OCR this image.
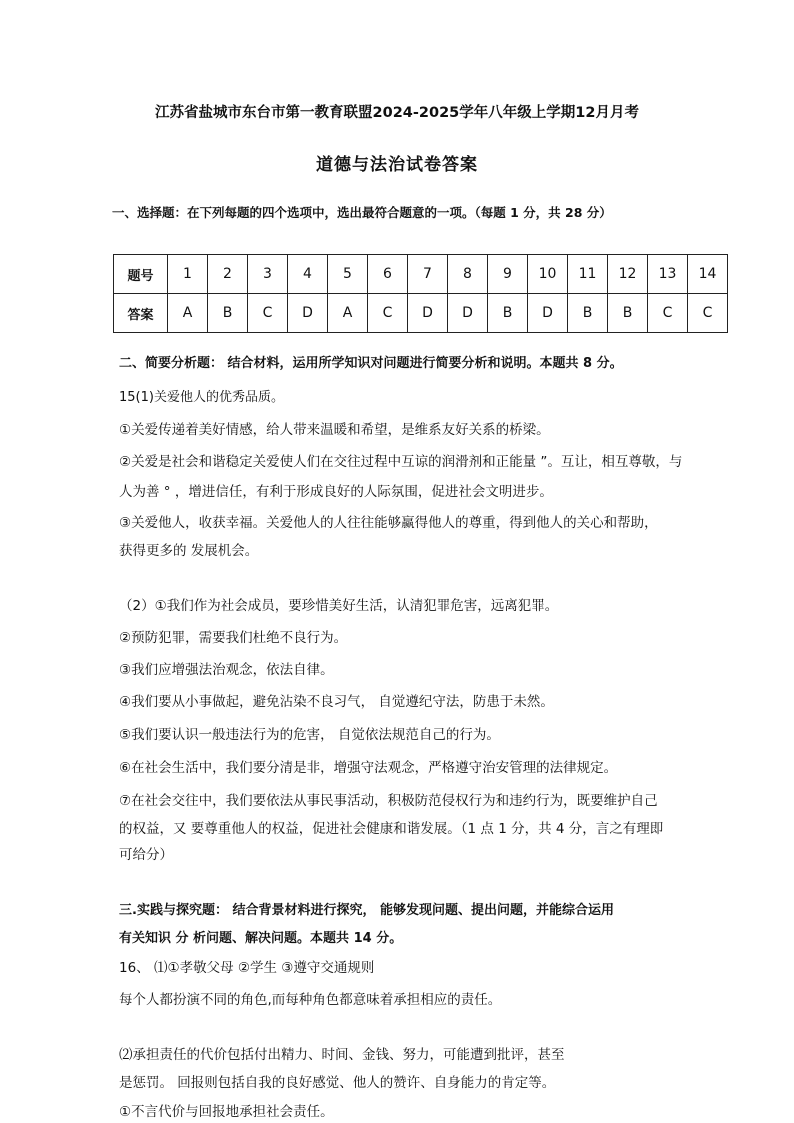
江苏省盐城市东台市第一教育联盟2024-2025学年八年级上学期12月月考
道德与法治试卷答案
一、选择题：在下列每题的四个选项中，选出最符合题意的一项。（每题 1 分，共 28 分）
题号	1	2	3	4	5	6	7	8	9	10	11	12	13	14
答案	A	B	C	D	A	C	D	D	B	D	B	B	C	C
二、简要分析题： 结合材料，运用所学知识对问题进行简要分析和说明。本题共 8 分。
15(1)关爱他人的优秀品质。
①关爱传递着美好情感，给人带来温暖和希望，是维系友好关系的桥梁。
②关爱是社会和谐稳定关爱使人们在交往过程中互谅的润滑剂和正能量 ”。互让，相互尊敬，与
人为善 ° ，增进信任，有利于形成良好的人际氛围，促进社会文明进步。
③关爱他人，收获幸福。关爱他人的人往往能够赢得他人的尊重，得到他人的关心和帮助，
获得更多的 发展机会。
（2）①我们作为社会成员，要珍惜美好生活，认清犯罪危害，远离犯罪。
②预防犯罪，需要我们杜绝不良行为。
③我们应增强法治观念，依法自律。
④我们要从小事做起，避免沾染不良习气， 自觉遵纪守法，防患于未然。
⑤我们要认识一般违法行为的危害， 自觉依法规范自己的行为。
⑥在社会生活中，我们要分清是非，增强守法观念，严格遵守治安管理的法律规定。
⑦在社会交往中，我们要依法从事民事活动，积极防范侵权行为和违约行为，既要维护自己
的权益，又 要尊重他人的权益，促进社会健康和谐发展。（1 点 1 分，共 4 分，言之有理即
可给分）
三.实践与探究题： 结合背景材料进行探究， 能够发现问题、提出问题，并能综合运用
有关知识 分 析问题、解决问题。本题共 14 分。
16、 ⑴①孝敬父母 ②学生 ③遵守交通规则
每个人都扮演不同的角色,而每种角色都意味着承担相应的责任。
⑵承担责任的代价包括付出精力、时间、金钱、努力，可能遭到批评，甚至
是惩罚。 回报则包括自我的良好感觉、他人的赞许、自身能力的肯定等。
①不言代价与回报地承担社会责任。
